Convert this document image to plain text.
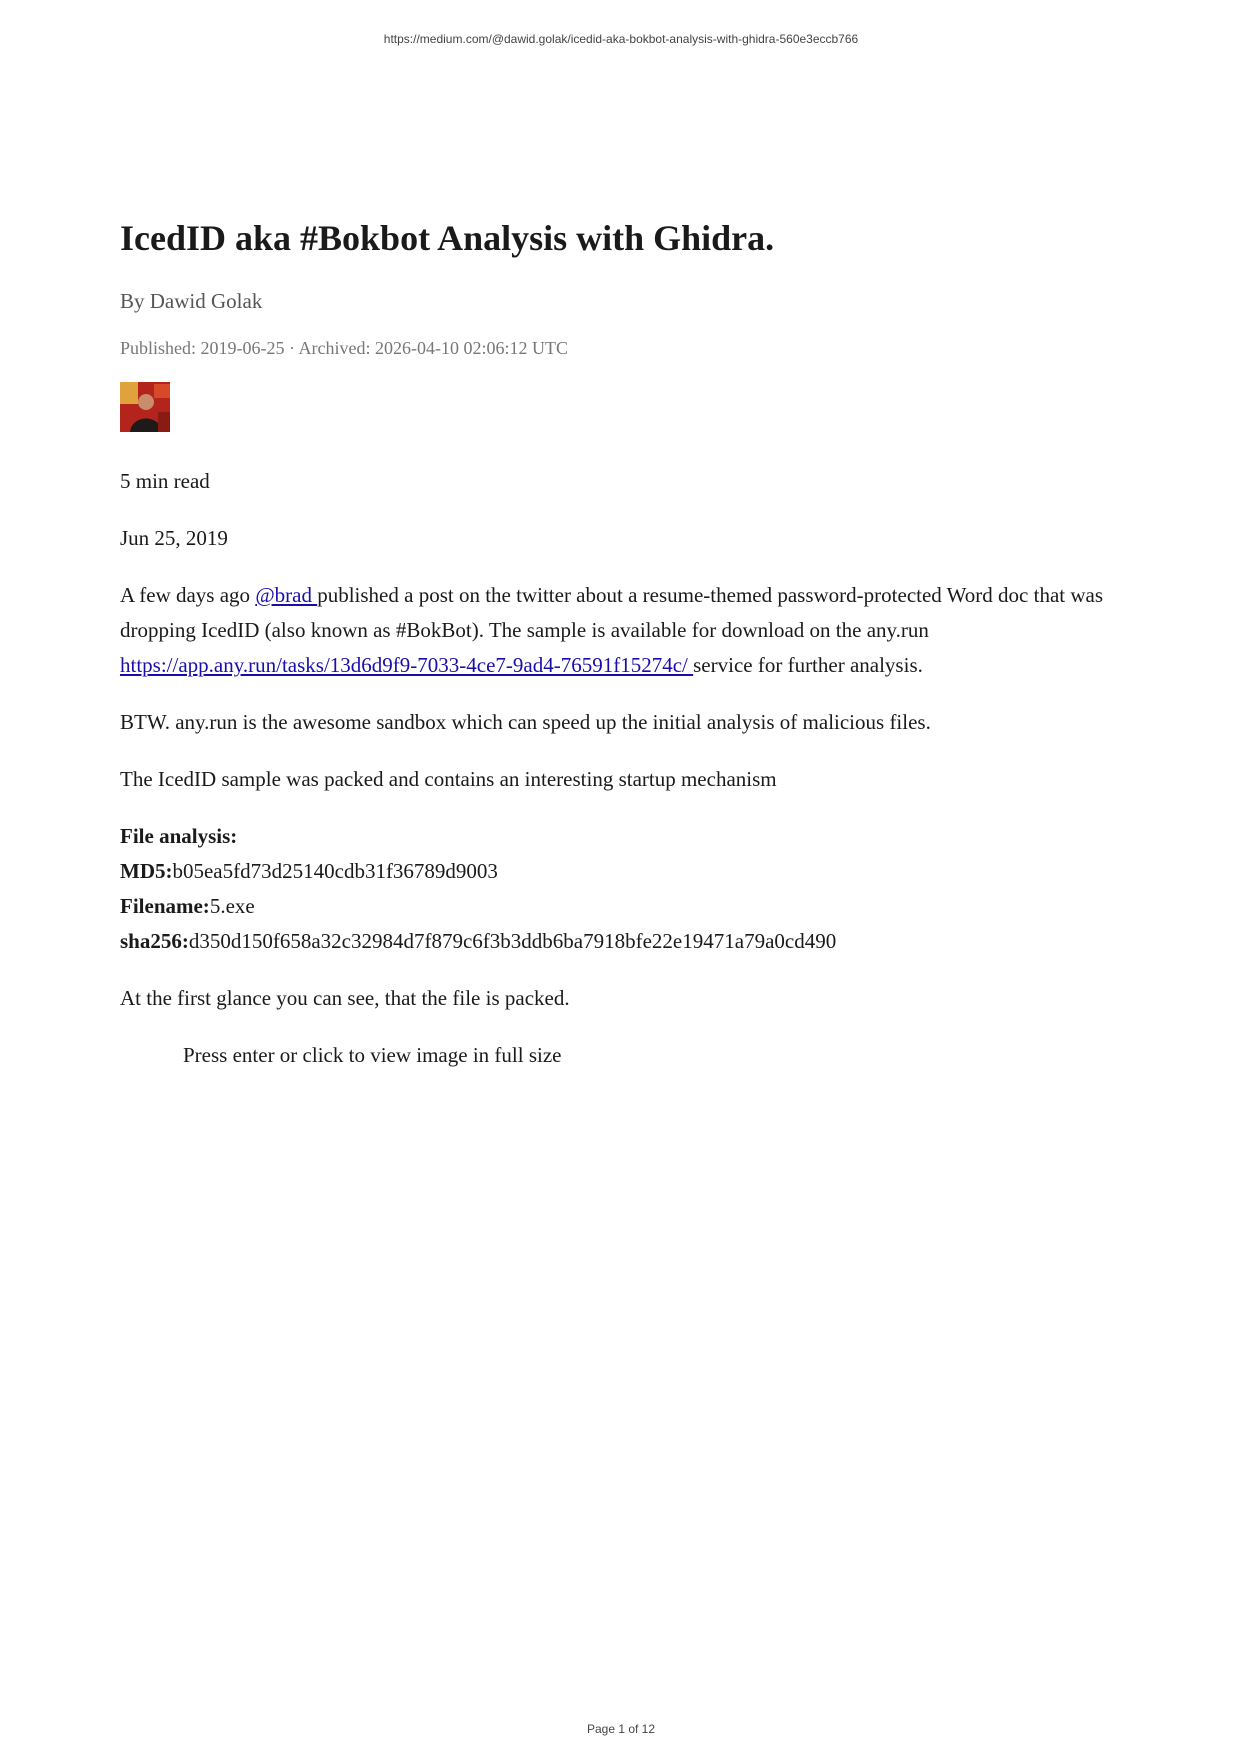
https://medium.com/@dawid.golak/icedid-aka-bokbot-analysis-with-ghidra-560e3eccb766
IcedID aka #Bokbot Analysis with Ghidra.

By Dawid Golak

Published: 2019-06-25 · Archived: 2026-04-10 02:06:12 UTC

5 min read

Jun 25, 2019

A few days ago @brad published a post on the twitter about a resume-themed password-protected Word doc that was dropping IcedID (also known as #BokBot). The sample is available for download on the any.run https://app.any.run/tasks/13d6d9f9-7033-4ce7-9ad4-76591f15274c/ service for further analysis.

BTW. any.run is the awesome sandbox which can speed up the initial analysis of malicious files.

The IcedID sample was packed and contains an interesting startup mechanism

File analysis:
MD5:b05ea5fd73d25140cdb31f36789d9003
Filename:5.exe
sha256:d350d150f658a32c32984d7f879c6f3b3ddb6ba7918bfe22e19471a79a0cd490

At the first glance you can see, that the file is packed.

Press enter or click to view image in full size

Page 1 of 12
